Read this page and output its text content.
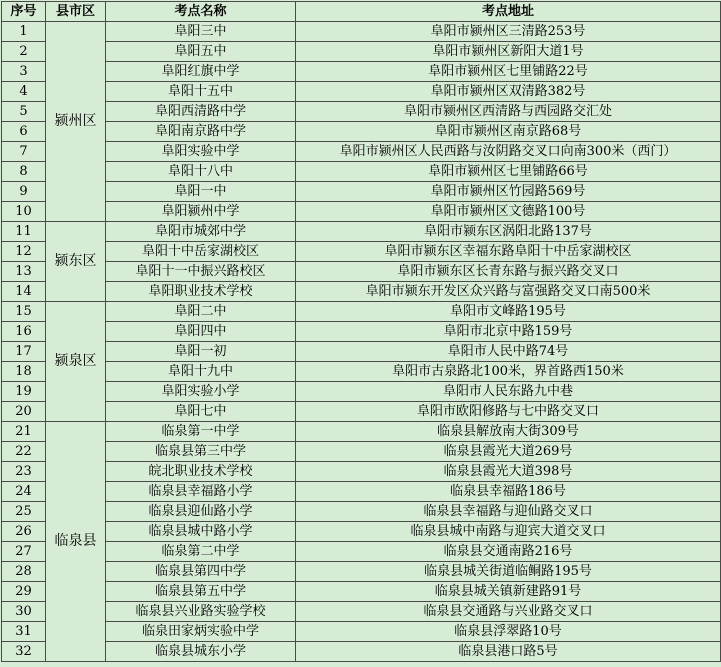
序号	县市区	考点名称	考点地址
1	颍州区	阜阳三中	阜阳市颍州区三清路253号
2		阜阳五中	阜阳市颍州区新阳大道1号
3		阜阳红旗中学	阜阳市颍州区七里铺路22号
4		阜阳十五中	阜阳市颍州区双清路382号
5		阜阳西清路中学	阜阳市颍州区西清路与西园路交汇处
6		阜阳南京路中学	阜阳市颍州区南京路68号
7		阜阳实验中学	阜阳市颍州区人民西路与汝阴路交叉口向南300米（西门）
8		阜阳十八中	阜阳市颍州区七里铺路66号
9		阜阳一中	阜阳市颍州区竹园路569号
10		阜阳颍州中学	阜阳市颍州区文德路100号
11	颍东区	阜阳市城郊中学	阜阳市颍东区涡阳北路137号
12		阜阳十中岳家湖校区	阜阳市颍东区幸福东路阜阳十中岳家湖校区
13		阜阳十一中振兴路校区	阜阳市颍东区长青东路与振兴路交叉口
14		阜阳职业技术学校	阜阳市颍东开发区众兴路与富强路交叉口南500米
15	颍泉区	阜阳二中	阜阳市文峰路195号
16		阜阳四中	阜阳市北京中路159号
17		阜阳一初	阜阳市人民中路74号
18		阜阳十九中	阜阳市古泉路北100米，界首路西150米
19		阜阳实验小学	阜阳市人民东路九中巷
20		阜阳七中	阜阳市欧阳修路与七中路交叉口
21	临泉县	临泉第一中学	临泉县解放南大街309号
22		临泉县第三中学	临泉县霞光大道269号
23		皖北职业技术学校	临泉县霞光大道398号
24		临泉县幸福路小学	临泉县幸福路186号
25		临泉县迎仙路小学	临泉县幸福路与迎仙路交叉口
26		临泉县城中路小学	临泉县城中南路与迎宾大道交叉口
27		临泉第二中学	临泉县交通南路216号
28		临泉县第四中学	临泉县城关街道临鲖路195号
29		临泉县第五中学	临泉县城关镇新建路91号
30		临泉县兴业路实验学校	临泉县交通路与兴业路交叉口
31		临泉田家炳实验中学	临泉县浮翠路10号
32		临泉县城东小学	临泉县港口路5号
